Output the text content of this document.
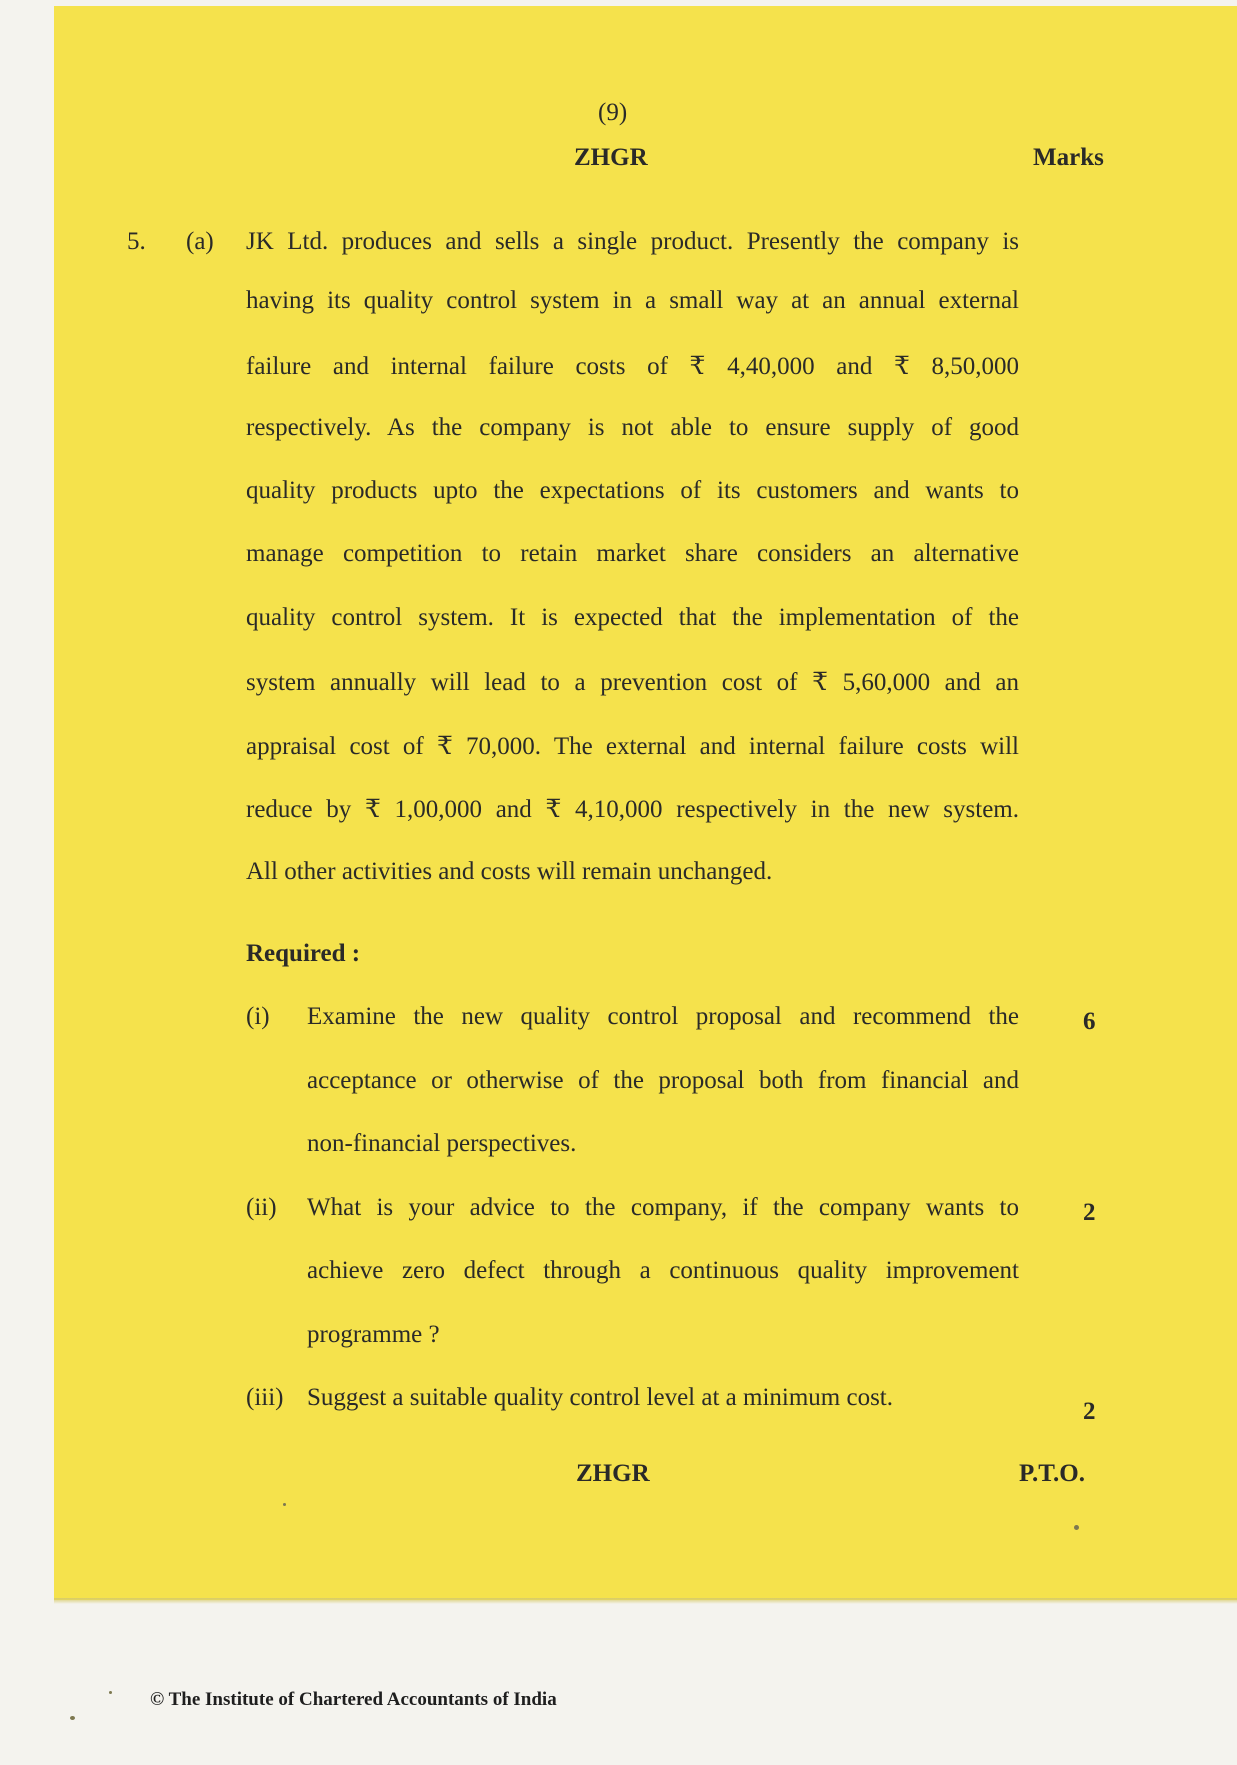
(9)
ZHGR	Marks
5. (a) JK Ltd. produces and sells a single product. Presently the company is
having its quality control system in a small way at an annual external
failure and internal failure costs of ₹ 4,40,000 and ₹ 8,50,000
respectively. As the company is not able to ensure supply of good
quality products upto the expectations of its customers and wants to
manage competition to retain market share considers an alternative
quality control system. It is expected that the implementation of the
system annually will lead to a prevention cost of ₹ 5,60,000 and an
appraisal cost of ₹ 70,000. The external and internal failure costs will
reduce by ₹ 1,00,000 and ₹ 4,10,000 respectively in the new system.
All other activities and costs will remain unchanged.
Required :
(i) Examine the new quality control proposal and recommend the
acceptance or otherwise of the proposal both from financial and
non-financial perspectives.
6
(ii) What is your advice to the company, if the company wants to
achieve zero defect through a continuous quality improvement
programme ?
2
(iii) Suggest a suitable quality control level at a minimum cost.
2
ZHGR	P.T.O.
© The Institute of Chartered Accountants of India
